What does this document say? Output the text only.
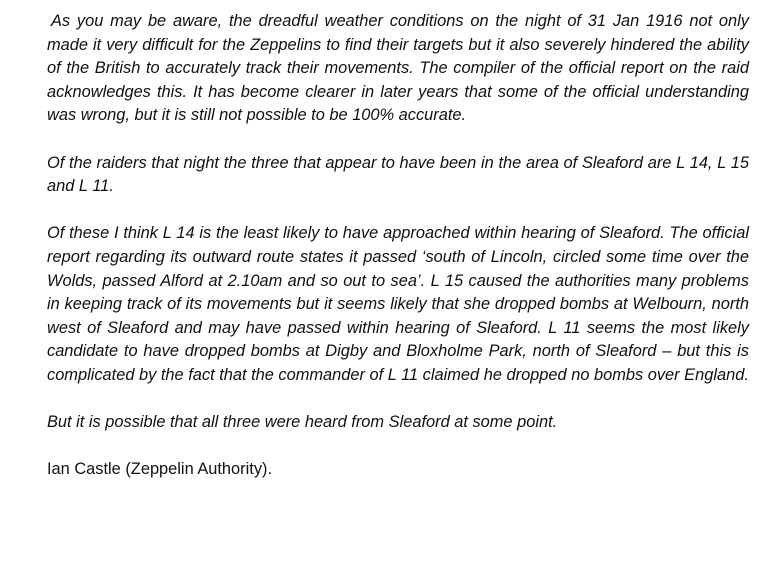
As you may be aware, the dreadful weather conditions on the night of 31 Jan 1916 not only made it very difficult for the Zeppelins to find their targets but it also severely hindered the ability of the British to accurately track their movements. The compiler of the official report on the raid acknowledges this. It has become clearer in later years that some of the official understanding was wrong, but it is still not possible to be 100% accurate.

Of the raiders that night the three that appear to have been in the area of Sleaford are L 14, L 15 and L 11.

Of these I think L 14 is the least likely to have approached within hearing of Sleaford. The official report regarding its outward route states it passed ‘south of Lincoln, circled some time over the Wolds, passed Alford at 2.10am and so out to sea’. L 15 caused the authorities many problems in keeping track of its movements but it seems likely that she dropped bombs at Welbourn, north west of Sleaford and may have passed within hearing of Sleaford. L 11 seems the most likely candidate to have dropped bombs at Digby and Bloxholme Park, north of Sleaford – but this is complicated by the fact that the commander of L 11 claimed he dropped no bombs over England.

But it is possible that all three were heard from Sleaford at some point.

Ian Castle (Zeppelin Authority).
